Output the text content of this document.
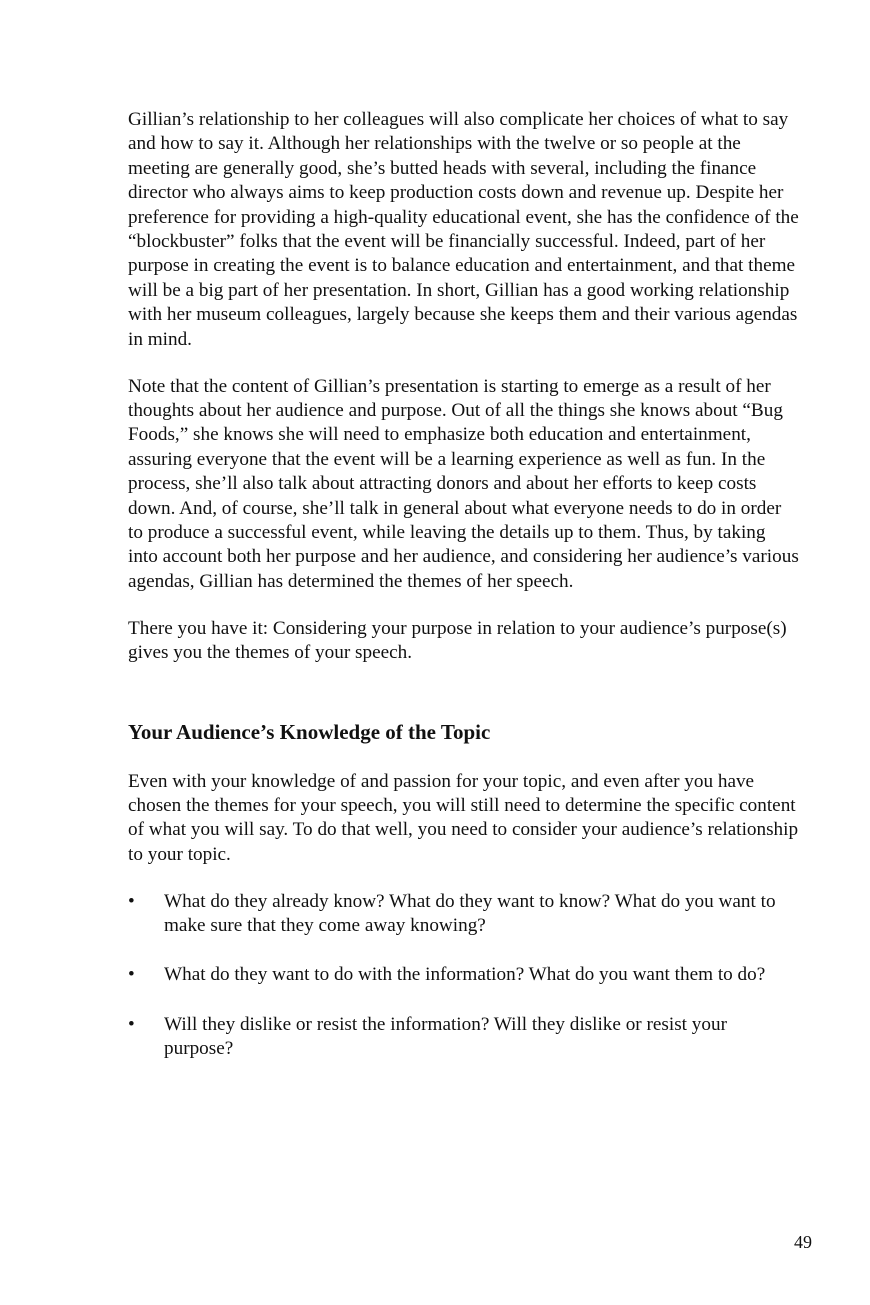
Gillian’s relationship to her colleagues will also complicate her choices of what to say and how to say it. Although her relationships with the twelve or so people at the meeting are generally good, she’s butted heads with several, including the finance director who always aims to keep production costs down and revenue up. Despite her preference for providing a high-quality educational event, she has the confidence of the “blockbuster” folks that the event will be financially successful. Indeed, part of her purpose in creating the event is to balance education and entertainment, and that theme will be a big part of her presentation. In short, Gillian has a good working relationship with her museum colleagues, largely because she keeps them and their various agendas in mind.

Note that the content of Gillian’s presentation is starting to emerge as a result of her thoughts about her audience and purpose. Out of all the things she knows about “Bug Foods,” she knows she will need to emphasize both education and entertainment, assuring everyone that the event will be a learning experience as well as fun. In the process, she’ll also talk about attracting donors and about her efforts to keep costs down. And, of course, she’ll talk in general about what everyone needs to do in order to produce a successful event, while leaving the details up to them. Thus, by taking into account both her purpose and her audience, and considering her audience’s various agendas, Gillian has determined the themes of her speech.

There you have it: Considering your purpose in relation to your audience’s purpose(s) gives you the themes of your speech.

Your Audience’s Knowledge of the Topic

Even with your knowledge of and passion for your topic, and even after you have chosen the themes for your speech, you will still need to determine the specific content of what you will say. To do that well, you need to consider your audience’s relationship to your topic.

• What do they already know? What do they want to know? What do you want to make sure that they come away knowing?
• What do they want to do with the information? What do you want them to do?
• Will they dislike or resist the information? Will they dislike or resist your purpose?
49
